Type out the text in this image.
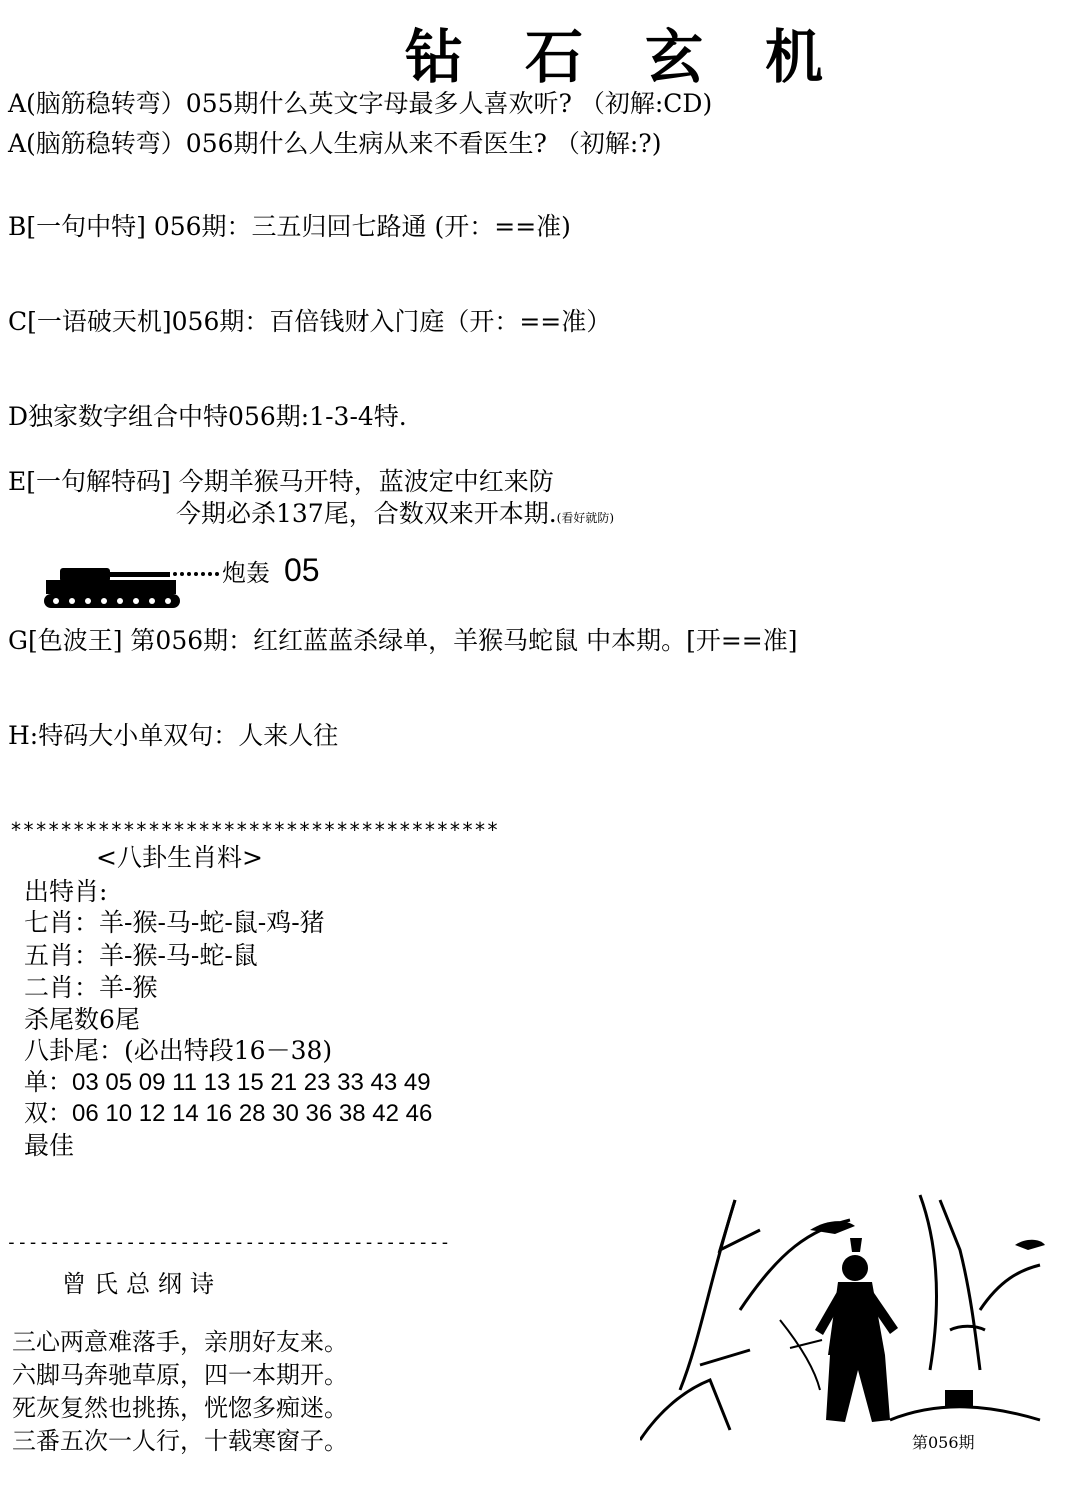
钻石玄机
A(脑筋稳转弯）055期什么英文字母最多人喜欢听? （初解:CD)
A(脑筋稳转弯）056期什么人生病从来不看医生? （初解:?)
B[一句中特] 056期：三五归回七路通 (开：==准)
C[一语破天机]056期：百倍钱财入门庭（开：==准）
D独家数字组合中特056期:1-3-4特.
E[一句解特码] 今期羊猴马开特，蓝波定中红来防
今期必杀137尾，合数双来开本期.(看好就防)
炮轰 05
G[色波王] 第056期：红红蓝蓝杀绿单，羊猴马蛇鼠 中本期。[开==准]
H:特码大小单双句：人来人往
***************************************
<八卦生肖料>
出特肖:
七肖：羊-猴-马-蛇-鼠-鸡-猪
五肖：羊-猴-马-蛇-鼠
二肖：羊-猴
杀尾数6尾
八卦尾：(必出特段16－38)
单：03 05 09 11 13 15 21 23 33 43 49
双：06 10 12 14 16 28 30 36 38 42 46
最佳
-----------------------------------------
曾氏总纲诗
三心两意难落手，亲朋好友来。
六脚马奔驰草原，四一本期开。
死灰复然也挑拣，恍惚多痴迷。
三番五次一人行，十载寒窗子。	第056期
